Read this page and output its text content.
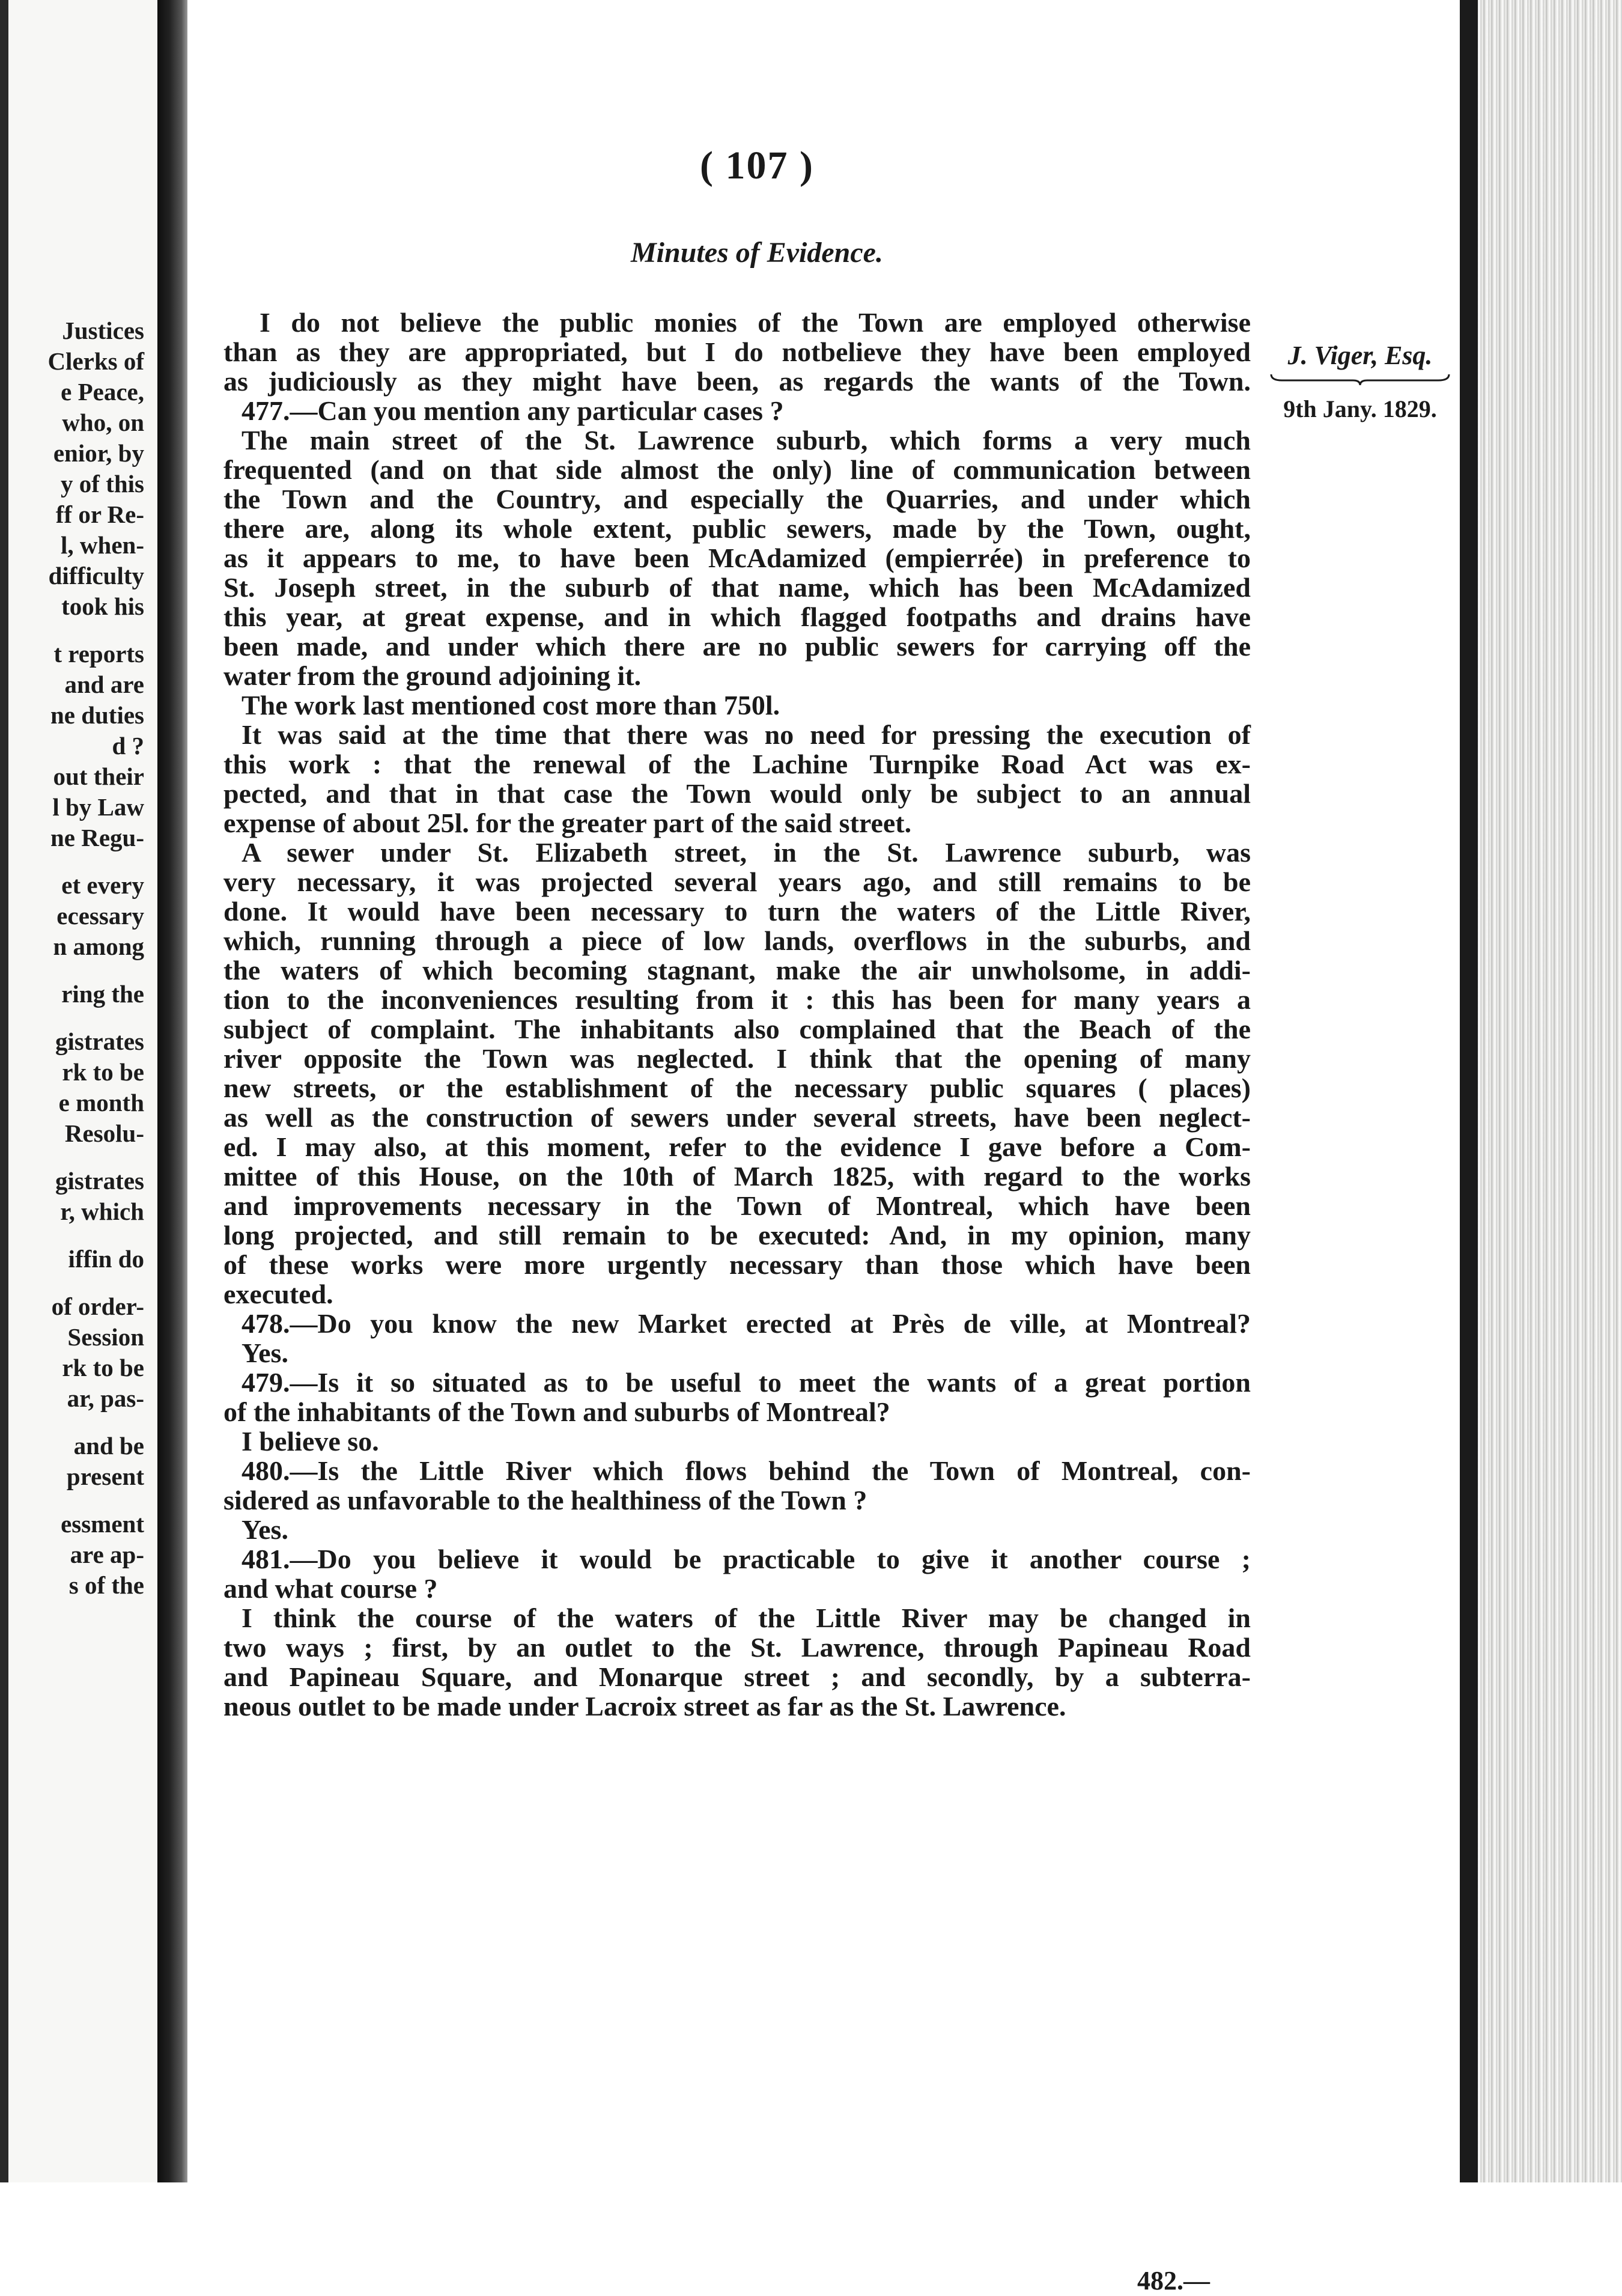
Justices
Clerks of
e Peace,
who, on
enior, by
y of this
ff or Re-
l, when-
difficulty
took his
t reports
and are
ne duties
d ?
out their
l by Law
ne Regu-
et every
ecessary
n among
ring the
gistrates
rk to be
e month
Resolu-
gistrates
r, which
iffin do
of order-
Session
rk to be
ar, pas-
and be
present
essment
are ap-
s of the
( 107 )
Minutes of Evidence.
J. Viger, Esq.
9th Jany. 1829.
I do not believe the public monies of the Town are employed otherwise
than as they are appropriated, but I do notbelieve they have been employed
as judiciously as they might have been, as regards the wants of the Town.
477.—Can you mention any particular cases ?
The main street of the St. Lawrence suburb, which forms a very much
frequented (and on that side almost the only) line of communication between
the Town and the Country, and especially the Quarries, and under which
there are, along its whole extent, public sewers, made by the Town, ought,
as it appears to me, to have been McAdamized (empierrée) in preference to
St. Joseph street, in the suburb of that name, which has been McAdamized
this year, at great expense, and in which flagged footpaths and drains have
been made, and under which there are no public sewers for carrying off the
water from the ground adjoining it.
The work last mentioned cost more than 750l.
It was said at the time that there was no need for pressing the execution of
this work : that the renewal of the Lachine Turnpike Road Act was ex-
pected, and that in that case the Town would only be subject to an annual
expense of about 25l. for the greater part of the said street.
A sewer under St. Elizabeth street, in the St. Lawrence suburb, was
very necessary, it was projected several years ago, and still remains to be
done. It would have been necessary to turn the waters of the Little River,
which, running through a piece of low lands, overflows in the suburbs, and
the waters of which becoming stagnant, make the air unwholsome, in addi-
tion to the inconveniences resulting from it : this has been for many years a
subject of complaint. The inhabitants also complained that the Beach of the
river opposite the Town was neglected. I think that the opening of many
new streets, or the establishment of the necessary public squares ( places)
as well as the construction of sewers under several streets, have been neglect-
ed. I may also, at this moment, refer to the evidence I gave before a Com-
mittee of this House, on the 10th of March 1825, with regard to the works
and improvements necessary in the Town of Montreal, which have been
long projected, and still remain to be executed: And, in my opinion, many
of these works were more urgently necessary than those which have been
executed.
478.—Do you know the new Market erected at Près de ville, at Montreal?
Yes.
479.—Is it so situated as to be useful to meet the wants of a great portion
of the inhabitants of the Town and suburbs of Montreal?
I believe so.
480.—Is the Little River which flows behind the Town of Montreal, con-
sidered as unfavorable to the healthiness of the Town ?
Yes.
481.—Do you believe it would be practicable to give it another course ;
and what course ?
I think the course of the waters of the Little River may be changed in
two ways ; first, by an outlet to the St. Lawrence, through Papineau Road
and Papineau Square, and Monarque street ; and secondly, by a subterra-
neous outlet to be made under Lacroix street as far as the St. Lawrence.
482.—
